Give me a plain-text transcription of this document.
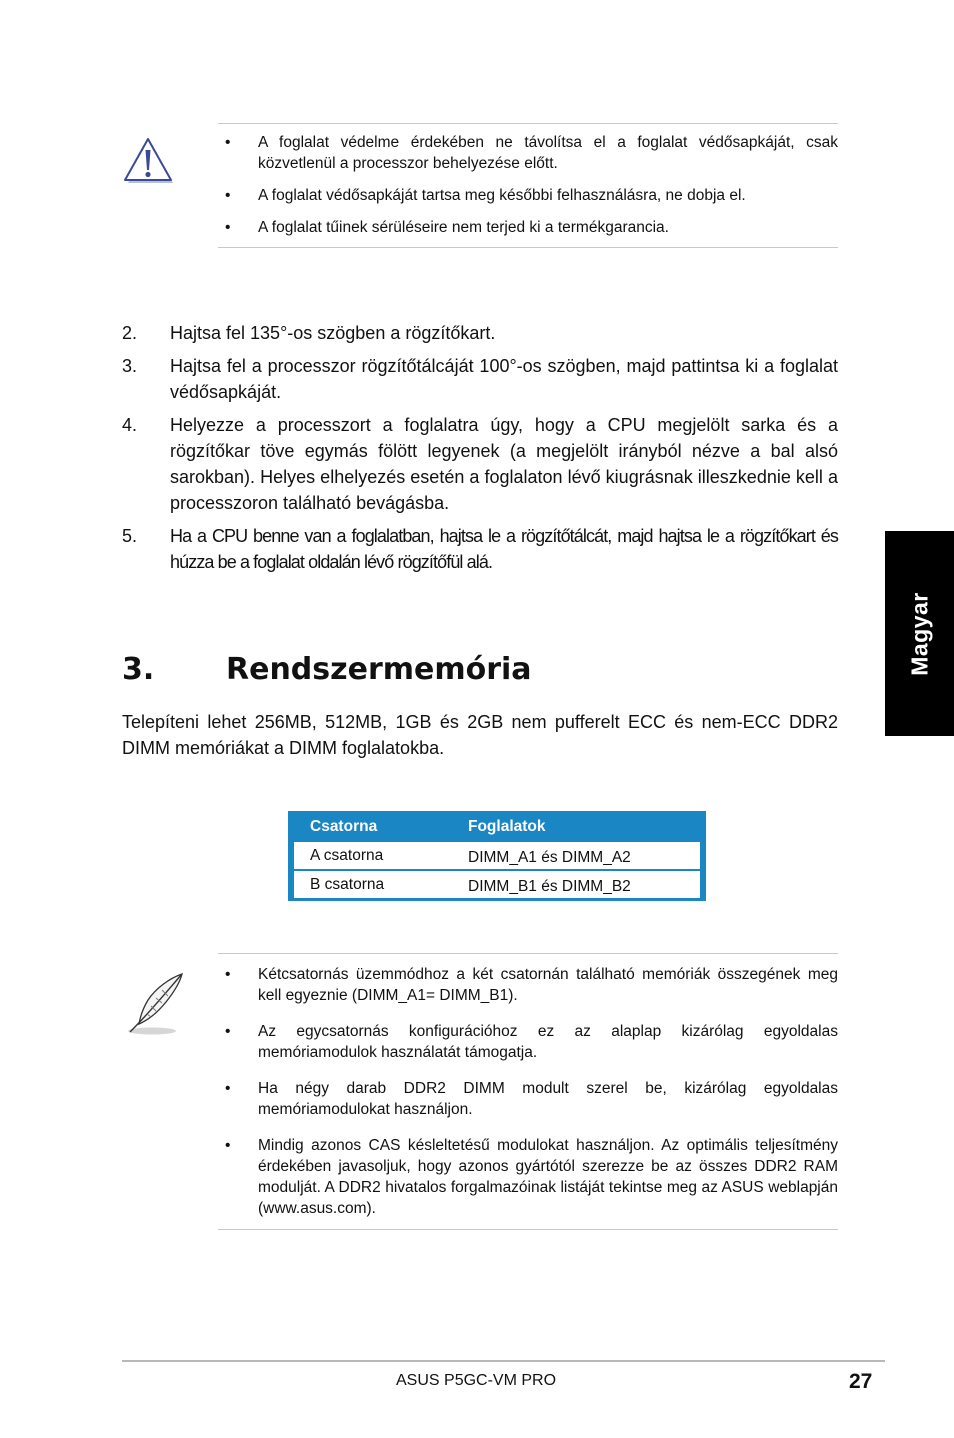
• A foglalat védelme érdekében ne távolítsa el a foglalat védősapkáját, csak közvetlenül a processzor behelyezése előtt.
• A foglalat védősapkáját tartsa meg későbbi felhasználásra, ne dobja el.
• A foglalat tűinek sérüléseire nem terjed ki a termékgarancia.
2. Hajtsa fel 135°-os szögben a rögzítőkart.
3. Hajtsa fel a processzor rögzítőtálcáját 100°-os szögben, majd pattintsa ki a foglalat védősapkáját.
4. Helyezze a processzort a foglalatra úgy, hogy a CPU megjelölt sarka és a rögzítőkar töve egymás fölött legyenek (a megjelölt irányból nézve a bal alsó sarokban). Helyes elhelyezés esetén a foglalaton lévő kiugrásnak illeszkednie kell a processzoron található bevágásba.
5. Ha a CPU benne van a foglalatban, hajtsa le a rögzítőtálcát, majd hajtsa le a rögzítőkart és húzza be a foglalat oldalán lévő rögzítőfül alá.
3. Rendszermemória
Telepíteni lehet 256MB, 512MB, 1GB és 2GB nem pufferelt ECC és nem-ECC DDR2 DIMM memóriákat a DIMM foglalatokba.
Magyar
Csatorna	Foglalatok
A csatorna	DIMM_A1 és DIMM_A2
B csatorna	DIMM_B1 és DIMM_B2
• Kétcsatornás üzemmódhoz a két csatornán található memóriák összegének meg kell egyeznie (DIMM_A1= DIMM_B1).
• Az egycsatornás konfigurációhoz ez az alaplap kizárólag egyoldalas memóriamodulok használatát támogatja.
• Ha négy darab DDR2 DIMM modult szerel be, kizárólag egyoldalas memóriamodulokat használjon.
• Mindig azonos CAS késleltetésű modulokat használjon. Az optimális teljesítmény érdekében javasoljuk, hogy azonos gyártótól szerezze be az összes DDR2 RAM modulját. A DDR2 hivatalos forgalmazóinak listáját tekintse meg az ASUS weblapján (www.asus.com).
ASUS P5GC-VM PRO	27
